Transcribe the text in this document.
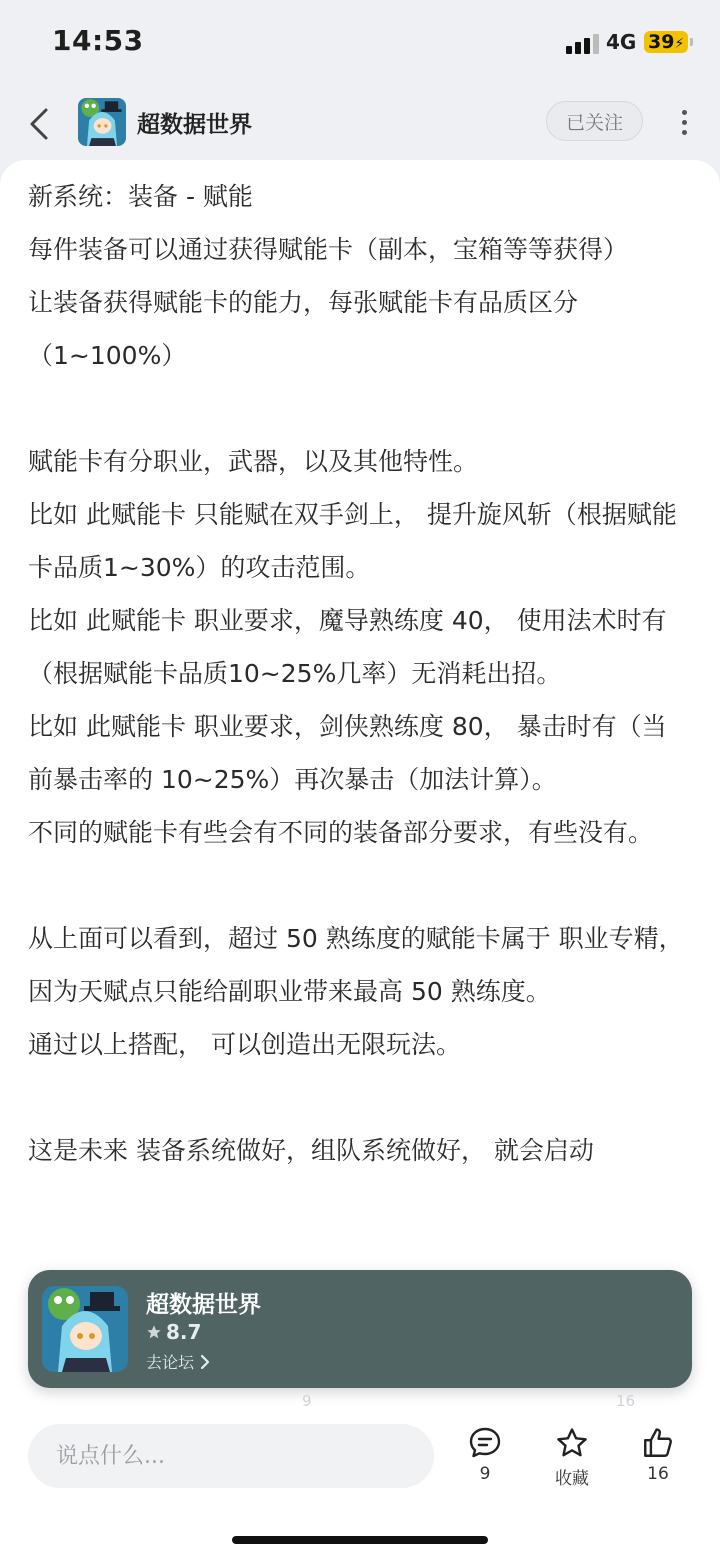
14:53	4G 39⚡
超数据世界	已关注

新系统：装备 - 赋能

每件装备可以通过获得赋能卡（副本，宝箱等等获得）

让装备获得赋能卡的能力，每张赋能卡有品质区分（1~100%）

赋能卡有分职业，武器，以及其他特性。

比如 此赋能卡 只能赋在双手剑上， 提升旋风斩（根据赋能卡品质1~30%）的攻击范围。

比如 此赋能卡 职业要求，魔导熟练度 40， 使用法术时有（根据赋能卡品质10~25%几率）无消耗出招。

比如 此赋能卡 职业要求，剑侠熟练度 80， 暴击时有（当前暴击率的 10~25%）再次暴击（加法计算）。

不同的赋能卡有些会有不同的装备部分要求，有些没有。

从上面可以看到，超过 50 熟练度的赋能卡属于 职业专精，因为天赋点只能给副职业带来最高 50 熟练度。

通过以上搭配， 可以创造出无限玩法。

这是未来 装备系统做好，组队系统做好， 就会启动

超数据世界
8.7
去论坛
9	16
说点什么...
9	收藏	16
